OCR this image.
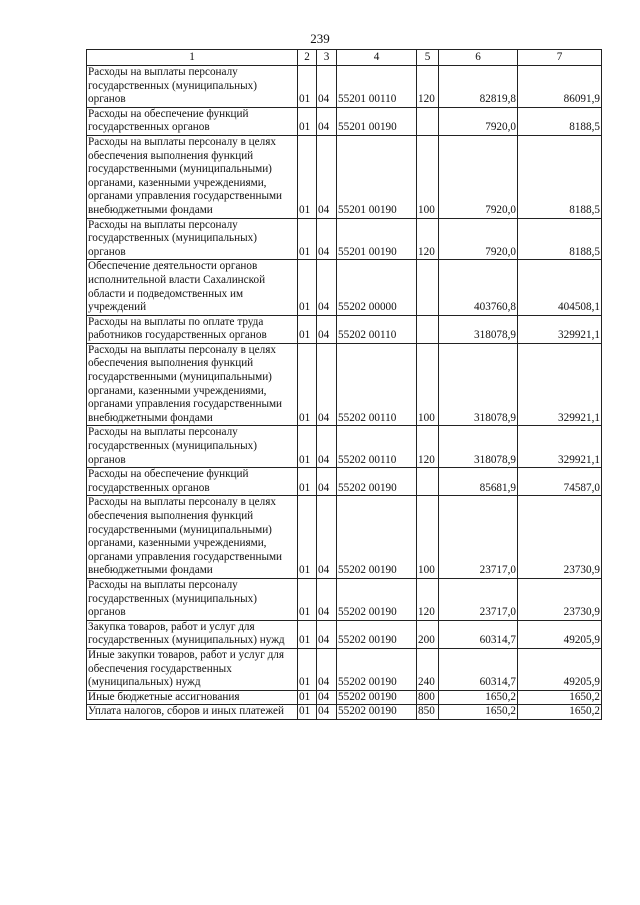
239
1	2	3	4	5	6	7
Расходы на выплаты персоналу государственных (муниципальных) органов	01	04	55201 00110	120	82819,8	86091,9
Расходы на обеспечение функций государственных органов	01	04	55201 00190		7920,0	8188,5
Расходы на выплаты персоналу в целях обеспечения выполнения функций государственными (муниципальными) органами, казенными учреждениями, органами управления государственными внебюджетными фондами	01	04	55201 00190	100	7920,0	8188,5
Расходы на выплаты персоналу государственных (муниципальных) органов	01	04	55201 00190	120	7920,0	8188,5
Обеспечение деятельности органов исполнительной власти Сахалинской области и подведомственных им учреждений	01	04	55202 00000		403760,8	404508,1
Расходы на выплаты по оплате труда работников государственных органов	01	04	55202 00110		318078,9	329921,1
Расходы на выплаты персоналу в целях обеспечения выполнения функций государственными (муниципальными) органами, казенными учреждениями, органами управления государственными внебюджетными фондами	01	04	55202 00110	100	318078,9	329921,1
Расходы на выплаты персоналу государственных (муниципальных) органов	01	04	55202 00110	120	318078,9	329921,1
Расходы на обеспечение функций государственных органов	01	04	55202 00190		85681,9	74587,0
Расходы на выплаты персоналу в целях обеспечения выполнения функций государственными (муниципальными) органами, казенными учреждениями, органами управления государственными внебюджетными фондами	01	04	55202 00190	100	23717,0	23730,9
Расходы на выплаты персоналу государственных (муниципальных) органов	01	04	55202 00190	120	23717,0	23730,9
Закупка товаров, работ и услуг для государственных (муниципальных) нужд	01	04	55202 00190	200	60314,7	49205,9
Иные закупки товаров, работ и услуг для обеспечения государственных (муниципальных) нужд	01	04	55202 00190	240	60314,7	49205,9
Иные бюджетные ассигнования	01	04	55202 00190	800	1650,2	1650,2
Уплата налогов, сборов и иных платежей	01	04	55202 00190	850	1650,2	1650,2
